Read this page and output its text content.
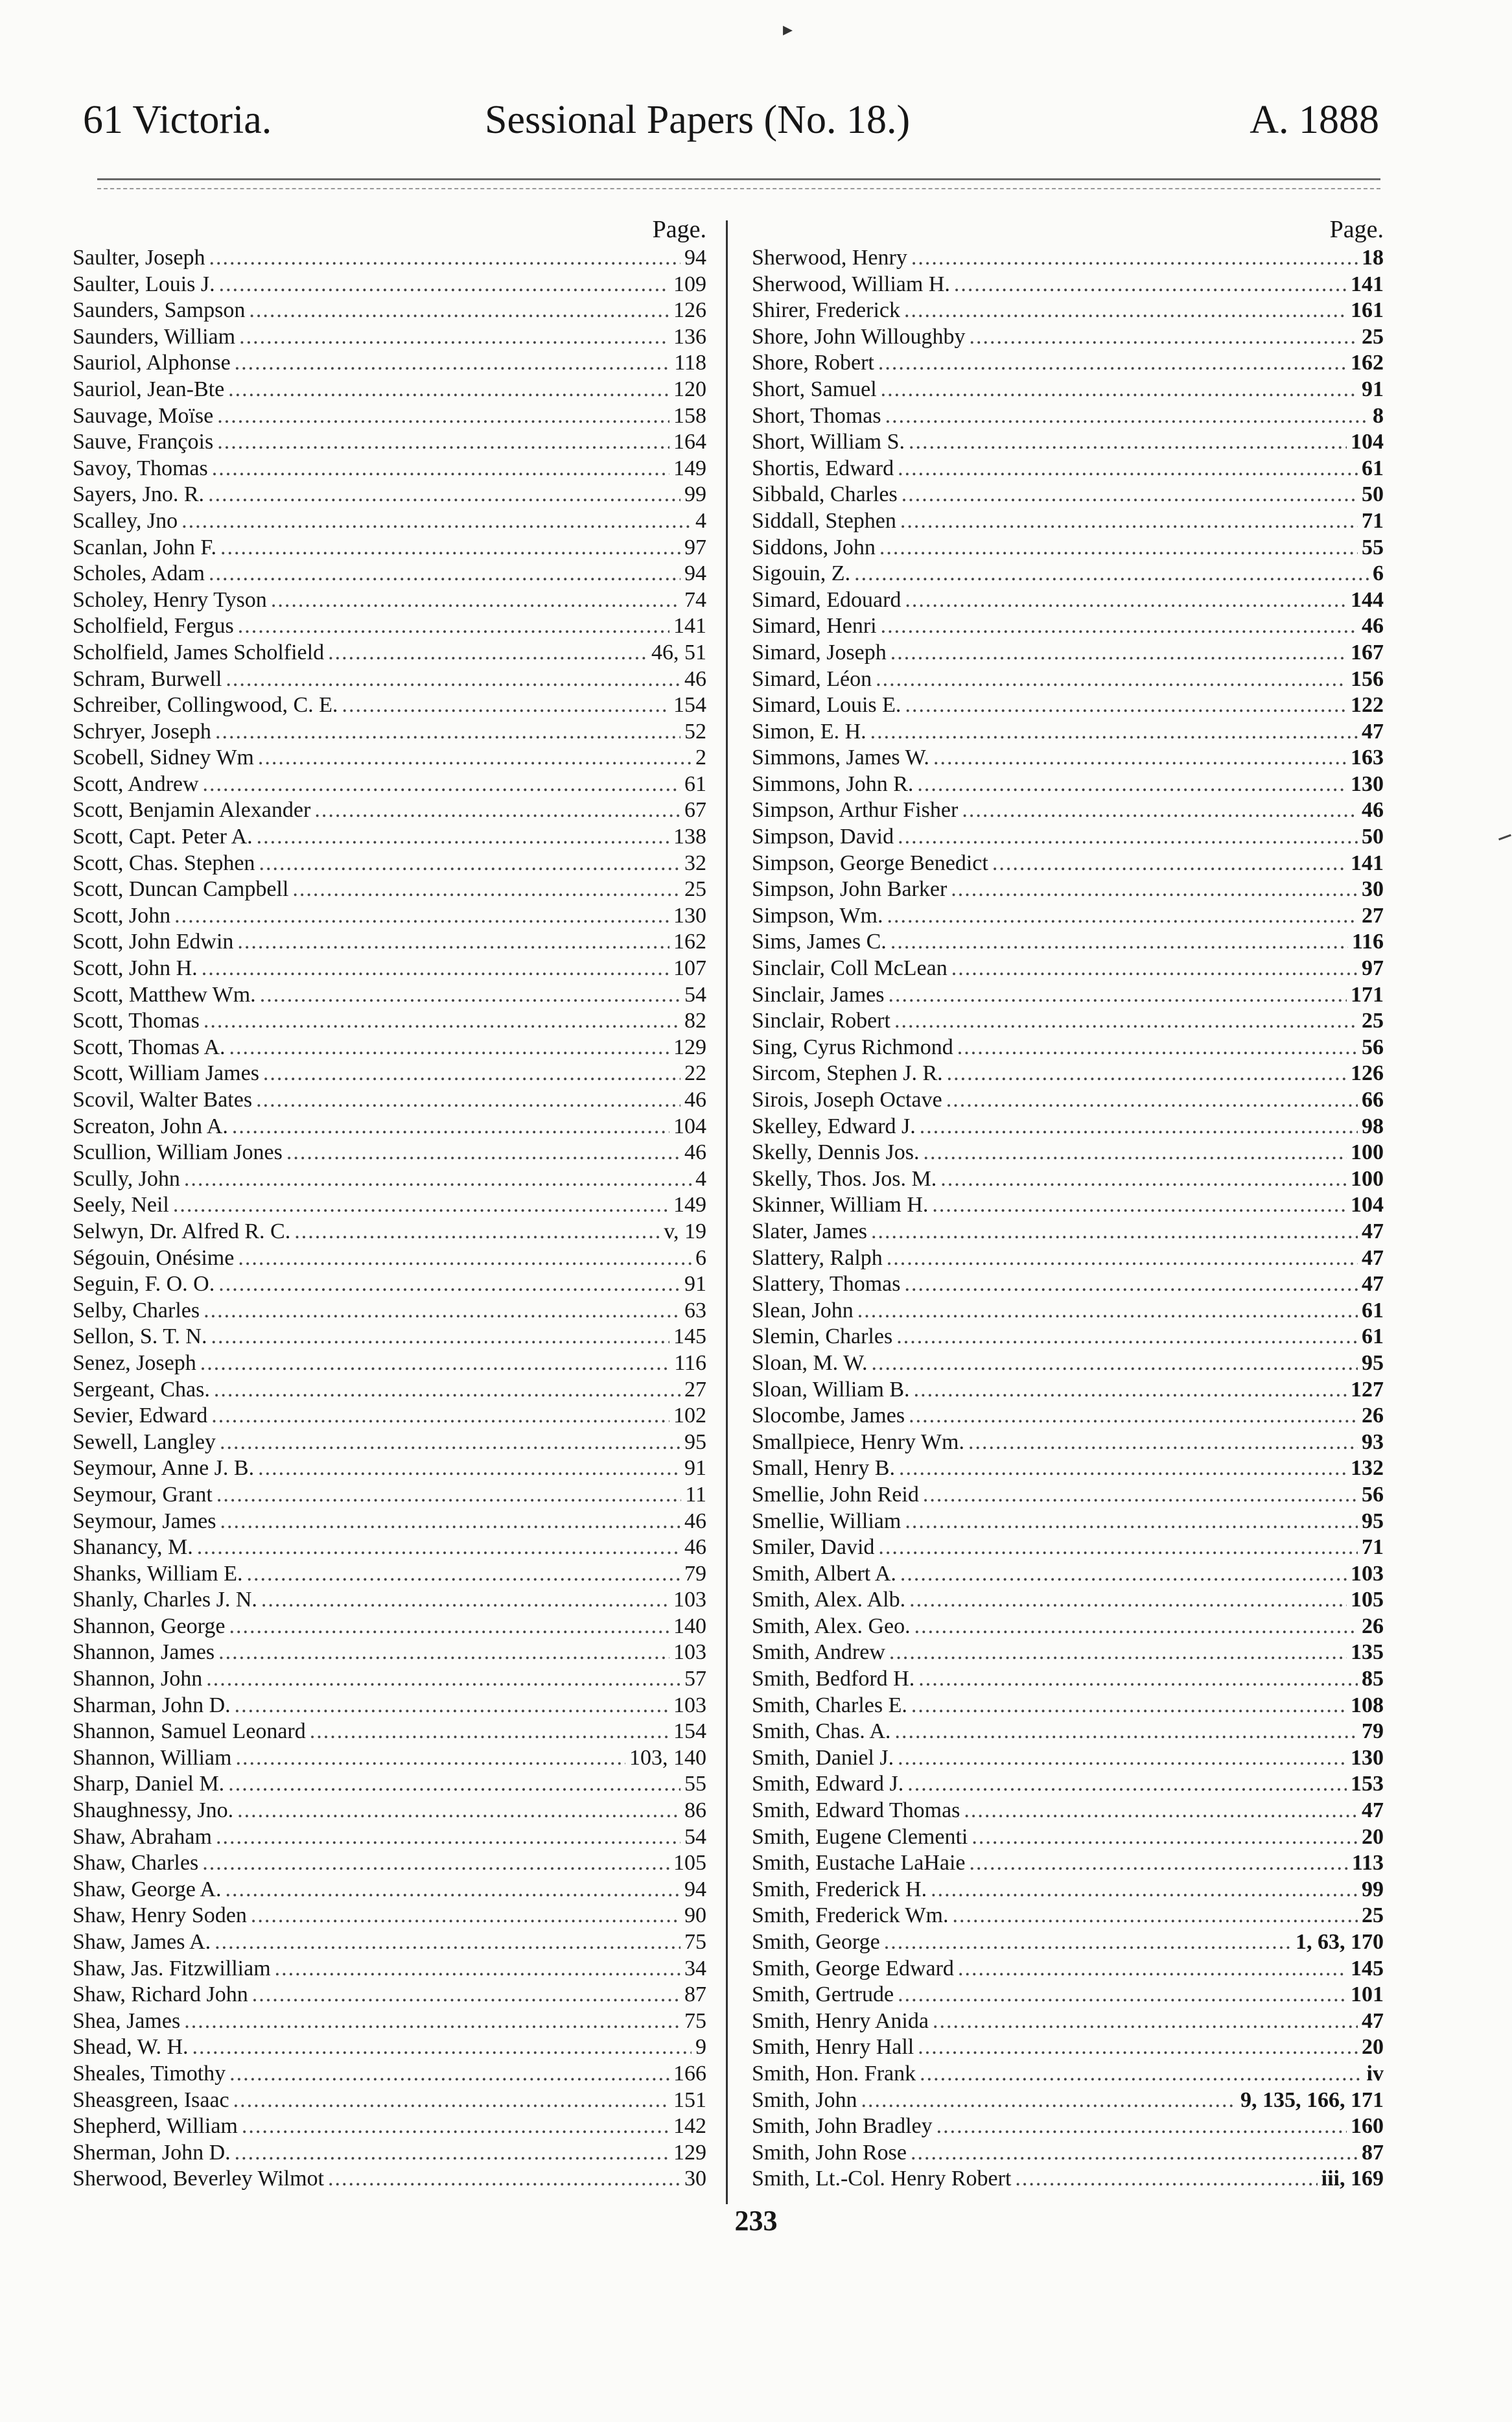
▸
61 Victoria.	Sessional Papers (No. 18.)	A. 1888
Page.
Saulter, Joseph .....	94
Saulter, Louis J. .....	109
Saunders, Sampson .....	126
Saunders, William .....	136
Sauriol, Alphonse .....	118
Sauriol, Jean-Bte .....	120
Sauvage, Moïse .....	158
Sauve, François .....	164
Savoy, Thomas .....	149
Sayers, Jno. R. .....	99
Scalley, Jno .....	4
Scanlan, John F. .....	97
Scholes, Adam .....	94
Scholey, Henry Tyson .....	74
Scholfield, Fergus .....	141
Scholfield, James Scholfield .....	46, 51
Schram, Burwell .....	46
Schreiber, Collingwood, C. E. .....	154
Schryer, Joseph .....	52
Scobell, Sidney Wm .....	2
Scott, Andrew .....	61
Scott, Benjamin Alexander .....	67
Scott, Capt. Peter A. .....	138
Scott, Chas. Stephen .....	32
Scott, Duncan Campbell .....	25
Scott, John .....	130
Scott, John Edwin .....	162
Scott, John H. .....	107
Scott, Matthew Wm. .....	54
Scott, Thomas .....	82
Scott, Thomas A. .....	129
Scott, William James .....	22
Scovil, Walter Bates .....	46
Screaton, John A. .....	104
Scullion, William Jones .....	46
Scully, John .....	4
Seely, Neil .....	149
Selwyn, Dr. Alfred R. C. .....	v, 19
Ségouin, Onésime .....	6
Seguin, F. O. O. .....	91
Selby, Charles .....	63
Sellon, S. T. N. .....	145
Senez, Joseph .....	116
Sergeant, Chas. .....	27
Sevier, Edward .....	102
Sewell, Langley .....	95
Seymour, Anne J. B. .....	91
Seymour, Grant .....	11
Seymour, James .....	46
Shanancy, M. .....	46
Shanks, William E. .....	79
Shanly, Charles J. N. .....	103
Shannon, George .....	140
Shannon, James .....	103
Shannon, John .....	57
Sharman, John D. .....	103
Shannon, Samuel Leonard .....	154
Shannon, William .....	103, 140
Sharp, Daniel M. .....	55
Shaughnessy, Jno. .....	86
Shaw, Abraham .....	54
Shaw, Charles .....	105
Shaw, George A. .....	94
Shaw, Henry Soden .....	90
Shaw, James A. .....	75
Shaw, Jas. Fitzwilliam .....	34
Shaw, Richard John .....	87
Shea, James .....	75
Shead, W. H. .....	9
Sheales, Timothy .....	166
Sheasgreen, Isaac .....	151
Shepherd, William .....	142
Sherman, John D. .....	129
Sherwood, Beverley Wilmot .....	30
Page.
Sherwood, Henry .....	18
Sherwood, William H. .....	141
Shirer, Frederick .....	161
Shore, John Willoughby .....	25
Shore, Robert .....	162
Short, Samuel .....	91
Short, Thomas .....	8
Short, William S. .....	104
Shortis, Edward .....	61
Sibbald, Charles .....	50
Siddall, Stephen .....	71
Siddons, John .....	55
Sigouin, Z. .....	6
Simard, Edouard .....	144
Simard, Henri .....	46
Simard, Joseph .....	167
Simard, Léon .....	156
Simard, Louis E. .....	122
Simon, E. H. .....	47
Simmons, James W. .....	163
Simmons, John R. .....	130
Simpson, Arthur Fisher .....	46
Simpson, David .....	50
Simpson, George Benedict .....	141
Simpson, John Barker .....	30
Simpson, Wm. .....	27
Sims, James C. .....	116
Sinclair, Coll McLean .....	97
Sinclair, James .....	171
Sinclair, Robert .....	25
Sing, Cyrus Richmond .....	56
Sircom, Stephen J. R. .....	126
Sirois, Joseph Octave .....	66
Skelley, Edward J. .....	98
Skelly, Dennis Jos. .....	100
Skelly, Thos. Jos. M. .....	100
Skinner, William H. .....	104
Slater, James .....	47
Slattery, Ralph .....	47
Slattery, Thomas .....	47
Slean, John .....	61
Slemin, Charles .....	61
Sloan, M. W. .....	95
Sloan, William B. .....	127
Slocombe, James .....	26
Smallpiece, Henry Wm. .....	93
Small, Henry B. .....	132
Smellie, John Reid .....	56
Smellie, William .....	95
Smiler, David .....	71
Smith, Albert A. .....	103
Smith, Alex. Alb. .....	105
Smith, Alex. Geo. .....	26
Smith, Andrew .....	135
Smith, Bedford H. .....	85
Smith, Charles E. .....	108
Smith, Chas. A. .....	79
Smith, Daniel J. .....	130
Smith, Edward J. .....	153
Smith, Edward Thomas .....	47
Smith, Eugene Clementi .....	20
Smith, Eustache LaHaie .....	113
Smith, Frederick H. .....	99
Smith, Frederick Wm. .....	25
Smith, George .....	1, 63, 170
Smith, George Edward .....	145
Smith, Gertrude .....	101
Smith, Henry Anida .....	47
Smith, Henry Hall .....	20
Smith, Hon. Frank .....	iv
Smith, John .....	9, 135, 166, 171
Smith, John Bradley .....	160
Smith, John Rose .....	87
Smith, Lt.-Col. Henry Robert .....	iii, 169
233
